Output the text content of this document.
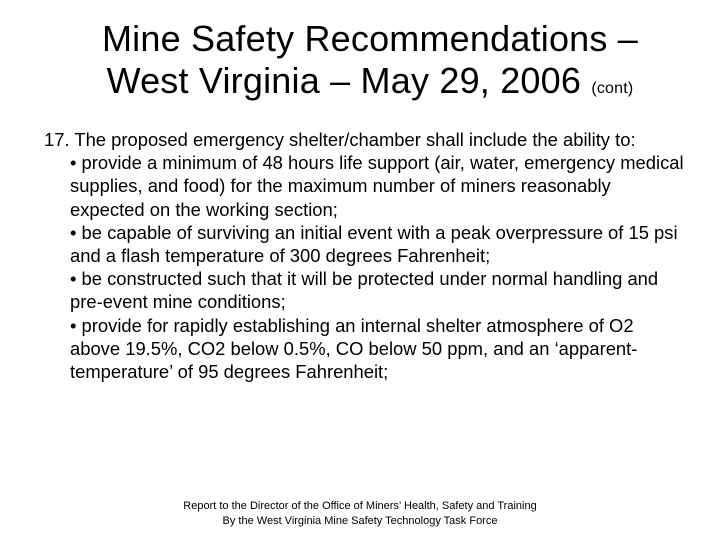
Mine Safety Recommendations –
West Virginia – May 29, 2006 (cont)

17. The proposed emergency shelter/chamber shall include the ability to:

• provide a minimum of 48 hours life support (air, water, emergency medical supplies, and food) for the maximum number of miners reasonably expected on the working section;

• be capable of surviving an initial event with a peak overpressure of 15 psi and a flash temperature of 300 degrees Fahrenheit;

• be constructed such that it will be protected under normal handling and pre-event mine conditions;

• provide for rapidly establishing an internal shelter atmosphere of O2 above 19.5%, CO2 below 0.5%, CO below 50 ppm, and an ‘apparent-temperature’ of 95 degrees Fahrenheit;

Report to the Director of the Office of Miners’ Health, Safety and Training
By the West Virginia Mine Safety Technology Task Force
